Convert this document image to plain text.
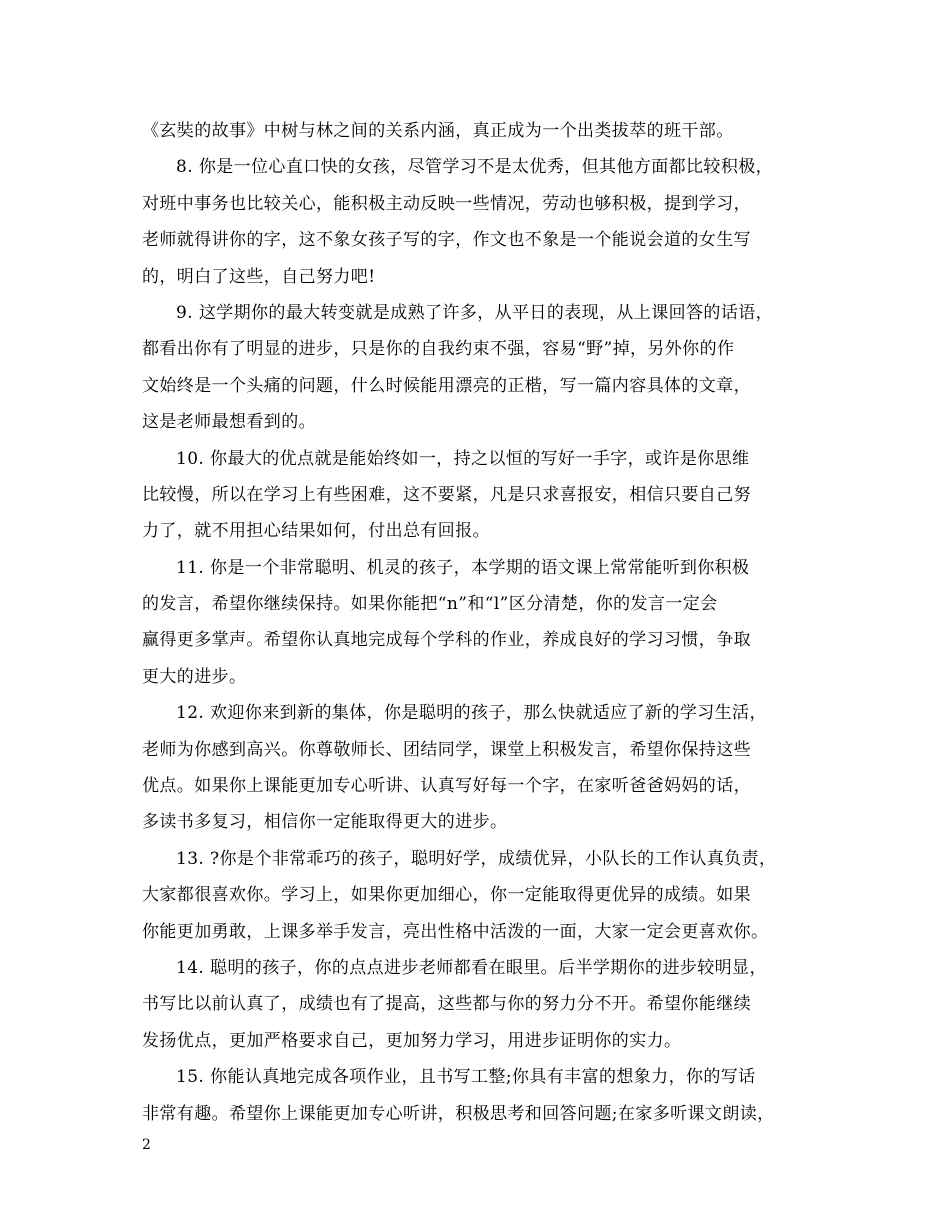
《玄奘的故事》中树与林之间的关系内涵，真正成为一个出类拔萃的班干部。
8. 你是一位心直口快的女孩，尽管学习不是太优秀，但其他方面都比较积极，
对班中事务也比较关心，能积极主动反映一些情况，劳动也够积极，提到学习，
老师就得讲你的字，这不象女孩子写的字，作文也不象是一个能说会道的女生写
的，明白了这些，自己努力吧!
9. 这学期你的最大转变就是成熟了许多，从平日的表现，从上课回答的话语，
都看出你有了明显的进步，只是你的自我约束不强，容易“野”掉，另外你的作
文始终是一个头痛的问题，什么时候能用漂亮的正楷，写一篇内容具体的文章，
这是老师最想看到的。
10. 你最大的优点就是能始终如一，持之以恒的写好一手字，或许是你思维
比较慢，所以在学习上有些困难，这不要紧，凡是只求喜报安，相信只要自己努
力了，就不用担心结果如何，付出总有回报。
11. 你是一个非常聪明、机灵的孩子，本学期的语文课上常常能听到你积极
的发言，希望你继续保持。如果你能把“n”和“l”区分清楚，你的发言一定会
赢得更多掌声。希望你认真地完成每个学科的作业，养成良好的学习习惯，争取
更大的进步。
12. 欢迎你来到新的集体，你是聪明的孩子，那么快就适应了新的学习生活，
老师为你感到高兴。你尊敬师长、团结同学，课堂上积极发言，希望你保持这些
优点。如果你上课能更加专心听讲、认真写好每一个字，在家听爸爸妈妈的话，
多读书多复习，相信你一定能取得更大的进步。
13. ?你是个非常乖巧的孩子，聪明好学，成绩优异，小队长的工作认真负责，
大家都很喜欢你。学习上，如果你更加细心，你一定能取得更优异的成绩。如果
你能更加勇敢，上课多举手发言，亮出性格中活泼的一面，大家一定会更喜欢你。
14. 聪明的孩子，你的点点进步老师都看在眼里。后半学期你的进步较明显，
书写比以前认真了，成绩也有了提高，这些都与你的努力分不开。希望你能继续
发扬优点，更加严格要求自己，更加努力学习，用进步证明你的实力。
15. 你能认真地完成各项作业，且书写工整;你具有丰富的想象力，你的写话
非常有趣。希望你上课能更加专心听讲，积极思考和回答问题;在家多听课文朗读，
2
